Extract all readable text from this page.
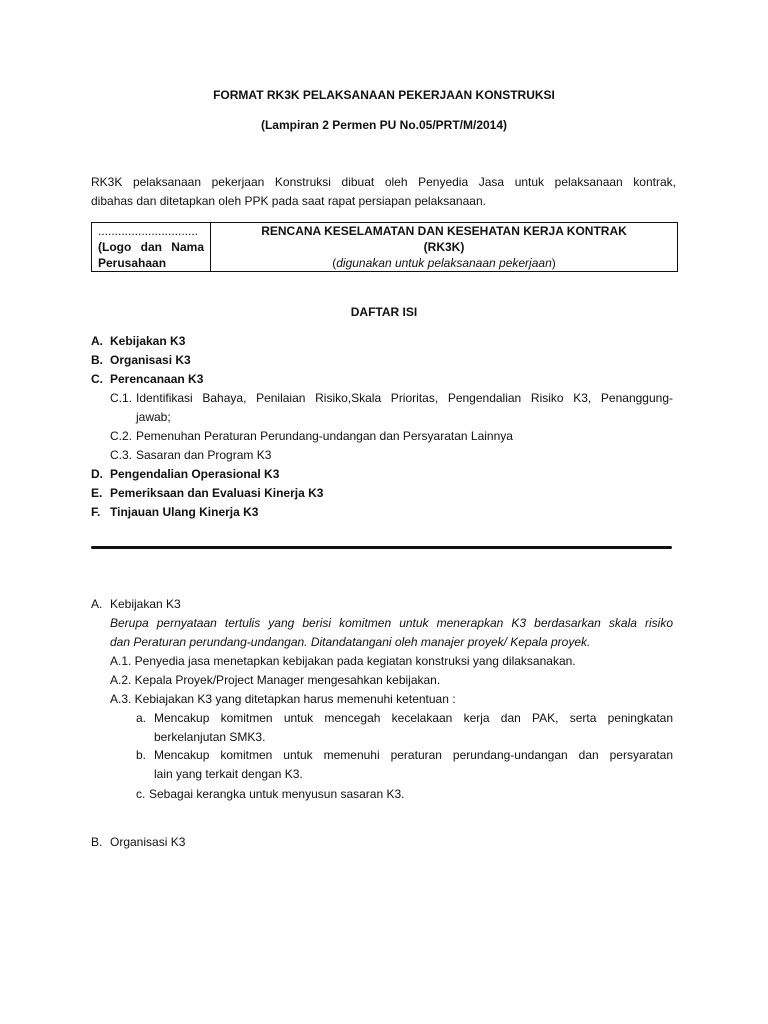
FORMAT RK3K PELAKSANAAN PEKERJAAN KONSTRUKSI
(Lampiran 2 Permen PU No.05/PRT/M/2014)
RK3K pelaksanaan pekerjaan Konstruksi dibuat oleh Penyedia Jasa untuk pelaksanaan kontrak,
dibahas dan ditetapkan oleh PPK pada saat rapat persiapan pelaksanaan.
..............................
(Logo dan Nama
Perusahaan

RENCANA KESELAMATAN DAN KESEHATAN KERJA KONTRAK
(RK3K)
(digunakan untuk pelaksanaan pekerjaan)
DAFTAR ISI
A. Kebijakan K3
B. Organisasi K3
C. Perencanaan K3
C.1. Identifikasi Bahaya, Penilaian Risiko,Skala Prioritas, Pengendalian Risiko K3, Penanggung-
jawab;
C.2. Pemenuhan Peraturan Perundang-undangan dan Persyaratan Lainnya
C.3. Sasaran dan Program K3
D. Pengendalian Operasional K3
E. Pemeriksaan dan Evaluasi Kinerja K3
F. Tinjauan Ulang Kinerja K3
A. Kebijakan K3
Berupa pernyataan tertulis yang berisi komitmen untuk menerapkan K3 berdasarkan skala risiko
dan Peraturan perundang-undangan. Ditandatangani oleh manajer proyek/ Kepala proyek.
A.1. Penyedia jasa menetapkan kebijakan pada kegiatan konstruksi yang dilaksanakan.
A.2. Kepala Proyek/Project Manager mengesahkan kebijakan.
A.3. Kebiajakan K3 yang ditetapkan harus memenuhi ketentuan :
a. Mencakup komitmen untuk mencegah kecelakaan kerja dan PAK, serta peningkatan
berkelanjutan SMK3.
b. Mencakup komitmen untuk memenuhi peraturan perundang-undangan dan persyaratan
lain yang terkait dengan K3.
c. Sebagai kerangka untuk menyusun sasaran K3.
B. Organisasi K3
